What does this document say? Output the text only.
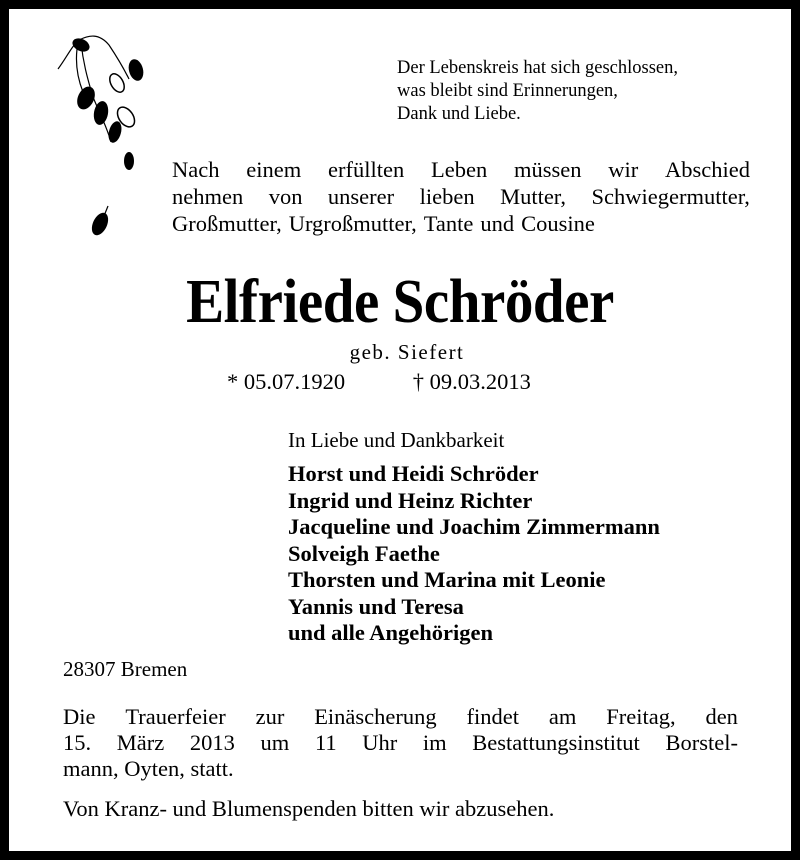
Der Lebenskreis hat sich geschlossen,
was bleibt sind Erinnerungen,
Dank und Liebe.
Nach einem erfüllten Leben müssen wir Abschied
nehmen von unserer lieben Mutter, Schwiegermutter,
Großmutter, Urgroßmutter, Tante und Cousine
Elfriede Schröder
geb. Siefert
* 05.07.1920	† 09.03.2013
In Liebe und Dankbarkeit
Horst und Heidi Schröder
Ingrid und Heinz Richter
Jacqueline und Joachim Zimmermann
Solveigh Faethe
Thorsten und Marina mit Leonie
Yannis und Teresa
und alle Angehörigen
28307 Bremen
Die Trauerfeier zur Einäscherung findet am Freitag, den
15. März 2013 um 11 Uhr im Bestattungsinstitut Borstel-
mann, Oyten, statt.
Von Kranz- und Blumenspenden bitten wir abzusehen.
